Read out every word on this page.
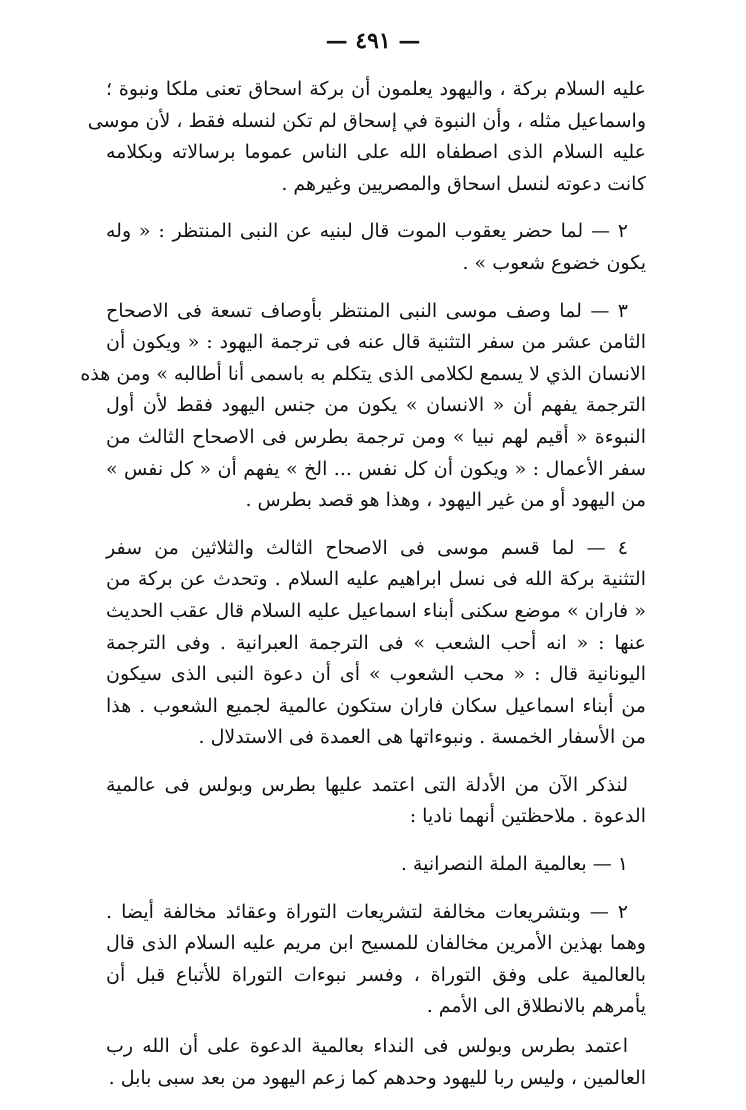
— ٤٩١ —
عليه السلام بركة ، واليهود يعلمون أن بركة اسحاق تعنى ملكا ونبوة ؛
واسماعيل مثله ، وأن النبوة في إسحاق لم تكن لنسله فقط ، لأن موسى
عليه السلام الذى اصطفاه الله على الناس عموما برسالاته وبكلامه
كانت دعوته لنسل اسحاق والمصريين وغيرهم .
٢ — لما حضر يعقوب الموت قال لبنيه عن النبى المنتظر : « وله
يكون خضوع شعوب » .
٣ — لما وصف موسى النبى المنتظر بأوصاف تسعة فى الاصحاح
الثامن عشر من سفر التثنية قال عنه فى ترجمة اليهود : « ويكون أن
الانسان الذي لا يسمع لكلامى الذى يتكلم به باسمى أنا أطالبه » ومن هذه
الترجمة يفهم أن « الانسان » يكون من جنس اليهود فقط لأن أول
النبوءة « أقيم لهم نبيا » ومن ترجمة بطرس فى الاصحاح الثالث من
سفر الأعمال : « ويكون أن كل نفس ... الخ » يفهم أن « كل نفس »
من اليهود أو من غير اليهود ، وهذا هو قصد بطرس .
٤ — لما قسم موسى فى الاصحاح الثالث والثلاثين من سفر
التثنية بركة الله فى نسل ابراهيم عليه السلام . وتحدث عن بركة من
« فاران » موضع سكنى أبناء اسماعيل عليه السلام قال عقب الحديث
عنها : « انه أحب الشعب » فى الترجمة العبرانية . وفى الترجمة
اليونانية قال : « محب الشعوب » أى أن دعوة النبى الذى سيكون
من أبناء اسماعيل سكان فاران ستكون عالمية لجميع الشعوب . هذا
من الأسفار الخمسة . ونبوءاتها هى العمدة فى الاستدلال .
لنذكر الآن من الأدلة التى اعتمد عليها بطرس وبولس فى عالمية
الدعوة . ملاحظتين أنهما ناديا :
١ — بعالمية الملة النصرانية .
٢ — وبتشريعات مخالفة لتشريعات التوراة وعقائد مخالفة أيضا .
وهما بهذين الأمرين مخالفان للمسيح ابن مريم عليه السلام الذى قال
بالعالمية على وفق التوراة ، وفسر نبوءات التوراة للأتباع قبل أن
يأمرهم بالانطلاق الى الأمم .
اعتمد بطرس وبولس فى النداء بعالمية الدعوة على أن الله رب
العالمين ، وليس ربا لليهود وحدهم كما زعم اليهود من بعد سبى بابل .
